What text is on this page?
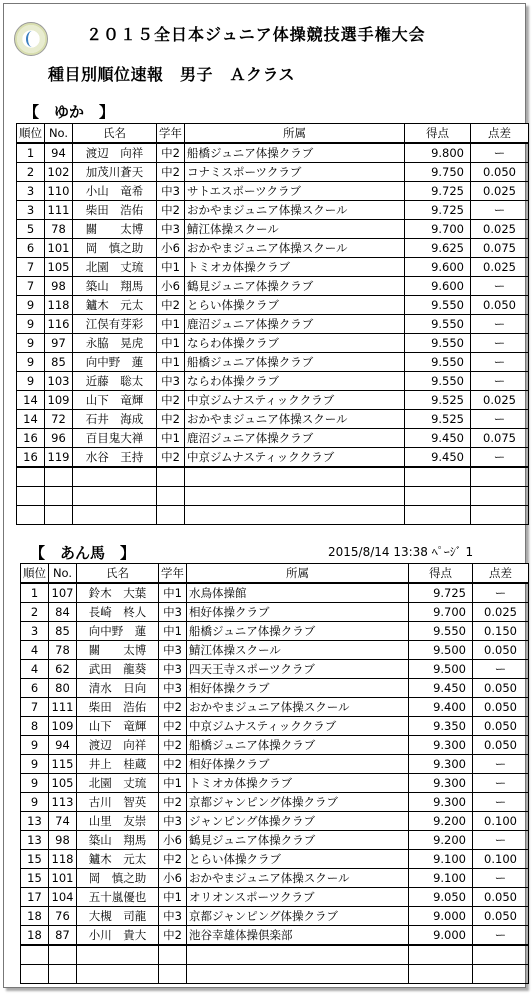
２０１５全日本ジュニア体操競技選手権大会
種目別順位速報　男子　Ａクラス
【　ゆか　】
順位	No.	氏名	学年	所属	得点	点差
1	94	渡辺　向祥	中2	船橋ジュニア体操クラブ	9.800	ー
2	102	加茂川蒼天	中2	コナミスポーツクラブ	9.750	0.050
3	110	小山　竜希	中3	サトエスポーツクラブ	9.725	0.025
3	111	柴田　浩佑	中2	おかやまジュニア体操スクール	9.725	ー
5	78	關　　太博	中3	鯖江体操スクール	9.700	0.025
6	101	岡　慎之助	小6	おかやまジュニア体操スクール	9.625	0.075
7	105	北園　丈琉	中1	トミオカ体操クラブ	9.600	0.025
7	98	築山　翔馬	小6	鶴見ジュニア体操クラブ	9.600	ー
9	118	鑪木　元太	中2	とらい体操クラブ	9.550	0.050
9	116	江俣有芽彩	中1	鹿沼ジュニア体操クラブ	9.550	ー
9	97	永脇　晃虎	中1	ならわ体操クラブ	9.550	ー
9	85	向中野　蓮	中1	船橋ジュニア体操クラブ	9.550	ー
9	103	近藤　聡太	中3	ならわ体操クラブ	9.550	ー
14	109	山下　竜輝	中2	中京ジムナスティッククラブ	9.525	0.025
14	72	石井　海成	中2	おかやまジュニア体操スクール	9.525	ー
16	96	百目鬼大禅	中1	鹿沼ジュニア体操クラブ	9.450	0.075
16	119	水谷　王持	中2	中京ジムナスティッククラブ	9.450	ー

【　あん馬　】	2015/8/14 13:38 ﾍﾟｰｼﾞ 1
順位	No.	氏名	学年	所属	得点	点差
1	107	鈴木　大葉	中1	水鳥体操館	9.725	ー
2	84	長崎　柊人	中3	相好体操クラブ	9.700	0.025
3	85	向中野　蓮	中1	船橋ジュニア体操クラブ	9.550	0.150
4	78	關　　太博	中3	鯖江体操スクール	9.500	0.050
4	62	武田　龍葵	中3	四天王寺スポーツクラブ	9.500	ー
6	80	清水　日向	中3	相好体操クラブ	9.450	0.050
7	111	柴田　浩佑	中2	おかやまジュニア体操スクール	9.400	0.050
8	109	山下　竜輝	中2	中京ジムナスティッククラブ	9.350	0.050
9	94	渡辺　向祥	中2	船橋ジュニア体操クラブ	9.300	0.050
9	115	井上　桂蔵	中2	相好体操クラブ	9.300	ー
9	105	北園　丈琉	中1	トミオカ体操クラブ	9.300	ー
9	113	古川　智英	中2	京都ジャンピング体操クラブ	9.300	ー
13	74	山里　友崇	中3	ジャンピング体操クラブ	9.200	0.100
13	98	築山　翔馬	小6	鶴見ジュニア体操クラブ	9.200	ー
15	118	鑪木　元太	中2	とらい体操クラブ	9.100	0.100
15	101	岡　慎之助	小6	おかやまジュニア体操スクール	9.100	ー
17	104	五十嵐優也	中1	オリオンスポーツクラブ	9.050	0.050
18	76	大槻　司龍	中3	京都ジャンピング体操クラブ	9.000	0.050
18	87	小川　貴大	中2	池谷幸雄体操倶楽部	9.000	ー
